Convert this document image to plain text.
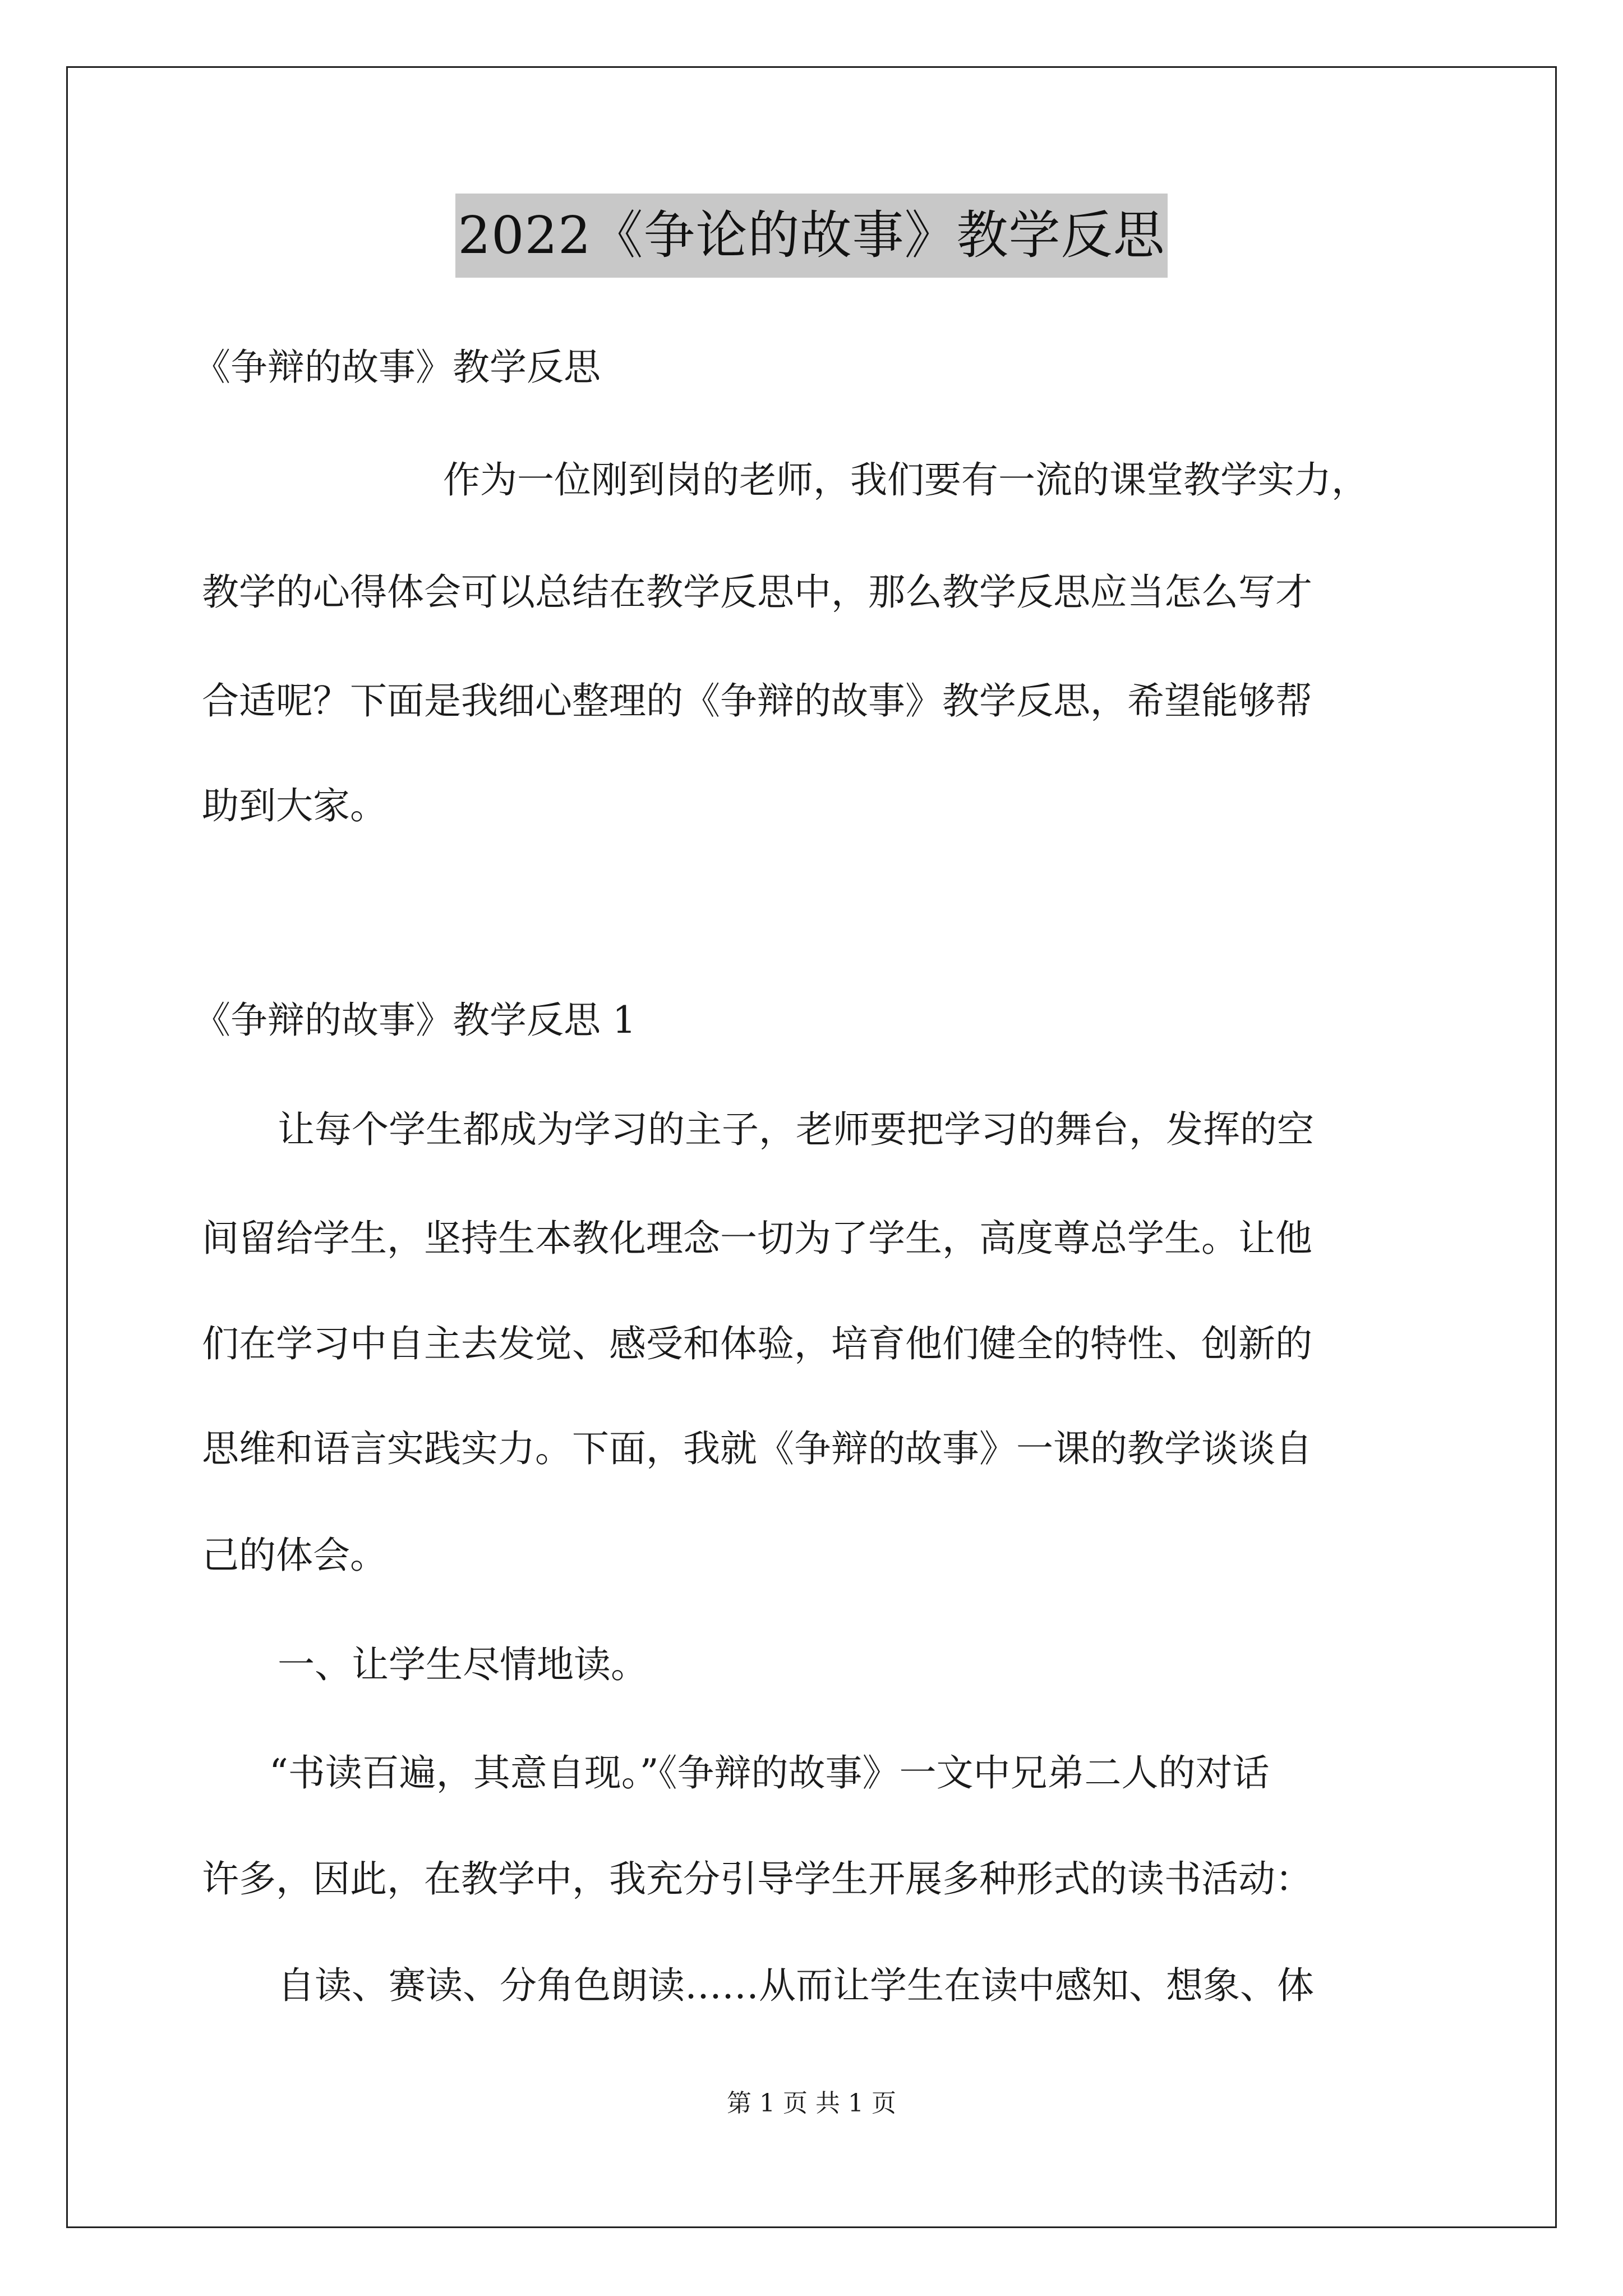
2022《争论的故事》教学反思
《争辩的故事》教学反思
作为一位刚到岗的老师，我们要有一流的课堂教学实力，
教学的心得体会可以总结在教学反思中，那么教学反思应当怎么写才
合适呢？下面是我细心整理的《争辩的故事》教学反思，希望能够帮
助到大家。
《争辩的故事》教学反思 1
让每个学生都成为学习的主子，老师要把学习的舞台，发挥的空
间留给学生，坚持生本教化理念一切为了学生，高度尊总学生。让他
们在学习中自主去发觉、感受和体验，培育他们健全的特性、创新的
思维和语言实践实力。下面，我就《争辩的故事》一课的教学谈谈自
己的体会。
一、让学生尽情地读。
“书读百遍，其意自现。”《争辩的故事》一文中兄弟二人的对话
许多，因此，在教学中，我充分引导学生开展多种形式的读书活动：
自读、赛读、分角色朗读……从而让学生在读中感知、想象、体
第 1 页 共 1 页
